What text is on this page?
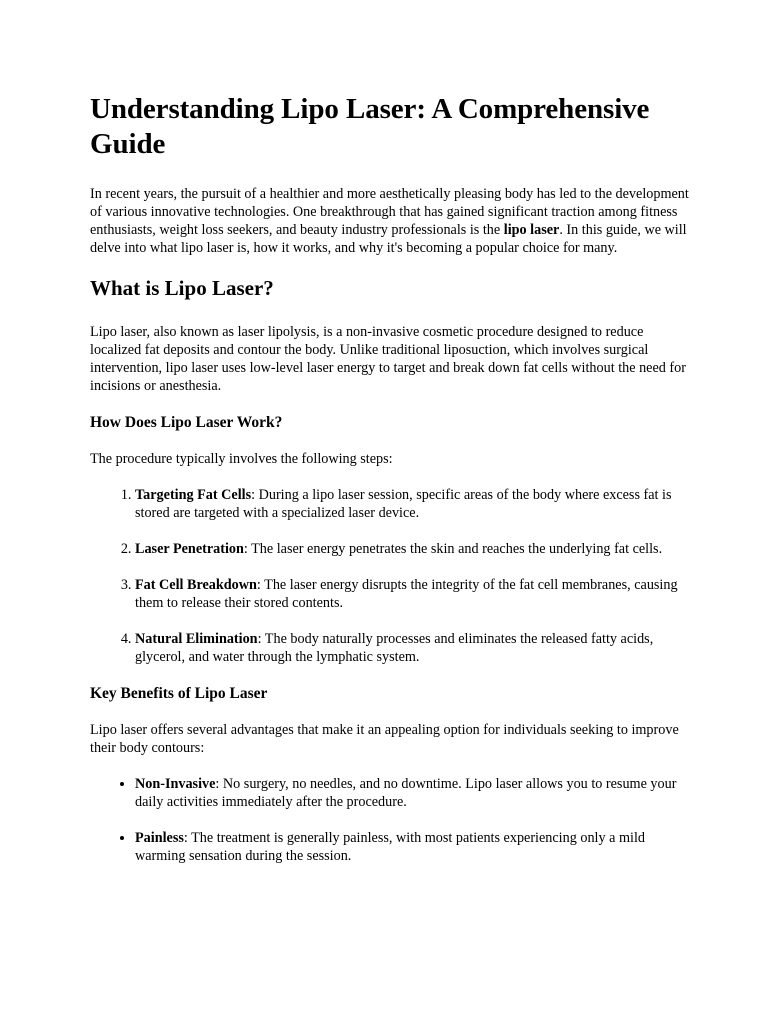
Understanding Lipo Laser: A Comprehensive Guide

In recent years, the pursuit of a healthier and more aesthetically pleasing body has led to the development of various innovative technologies. One breakthrough that has gained significant traction among fitness enthusiasts, weight loss seekers, and beauty industry professionals is the lipo laser. In this guide, we will delve into what lipo laser is, how it works, and why it's becoming a popular choice for many.

What is Lipo Laser?

Lipo laser, also known as laser lipolysis, is a non-invasive cosmetic procedure designed to reduce localized fat deposits and contour the body. Unlike traditional liposuction, which involves surgical intervention, lipo laser uses low-level laser energy to target and break down fat cells without the need for incisions or anesthesia.

How Does Lipo Laser Work?

The procedure typically involves the following steps:

1. Targeting Fat Cells: During a lipo laser session, specific areas of the body where excess fat is stored are targeted with a specialized laser device.
2. Laser Penetration: The laser energy penetrates the skin and reaches the underlying fat cells.
3. Fat Cell Breakdown: The laser energy disrupts the integrity of the fat cell membranes, causing them to release their stored contents.
4. Natural Elimination: The body naturally processes and eliminates the released fatty acids, glycerol, and water through the lymphatic system.
Key Benefits of Lipo Laser

Lipo laser offers several advantages that make it an appealing option for individuals seeking to improve their body contours:

• Non-Invasive: No surgery, no needles, and no downtime. Lipo laser allows you to resume your daily activities immediately after the procedure.
• Painless: The treatment is generally painless, with most patients experiencing only a mild warming sensation during the session.
